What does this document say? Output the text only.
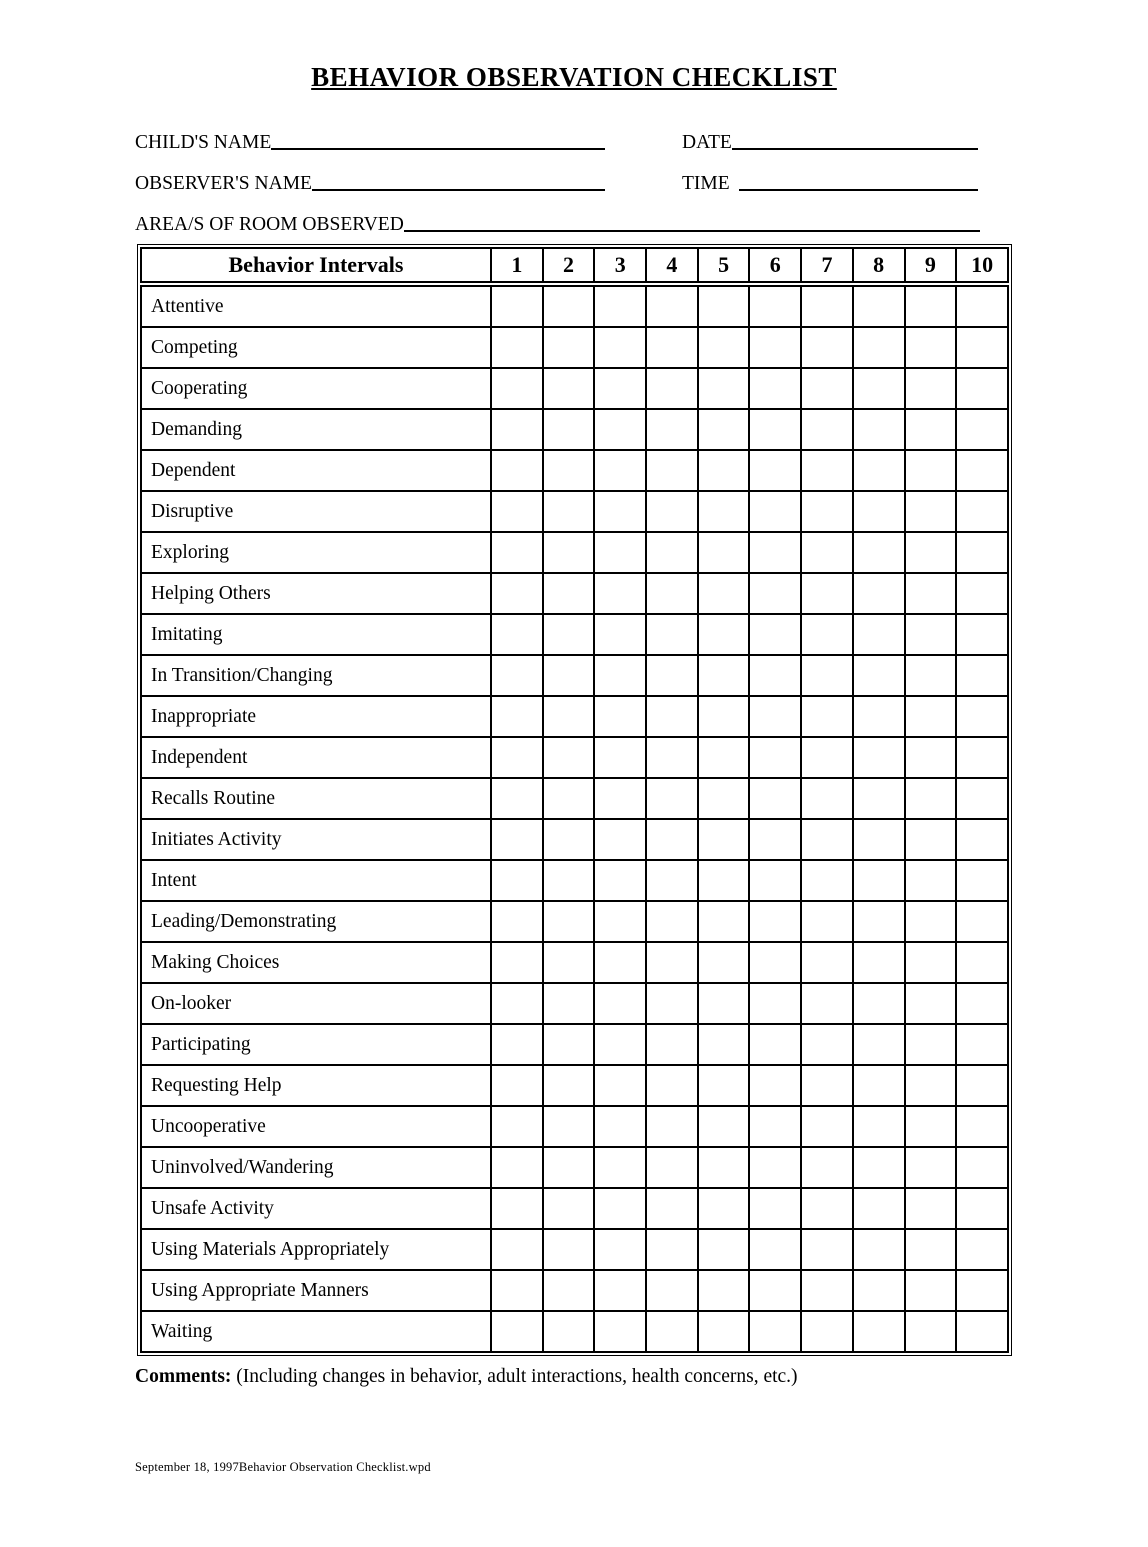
BEHAVIOR OBSERVATION CHECKLIST
CHILD'S NAME	DATE
OBSERVER'S NAME	TIME
AREA/S OF ROOM OBSERVED
Behavior Intervals	1	2	3	4	5	6	7	8	9	10
Attentive										
Competing										
Cooperating										
Demanding										
Dependent										
Disruptive										
Exploring										
Helping Others										
Imitating										
In Transition/Changing										
Inappropriate										
Independent										
Recalls Routine										
Initiates Activity										
Intent										
Leading/Demonstrating										
Making Choices										
On-looker										
Participating										
Requesting Help										
Uncooperative										
Uninvolved/Wandering										
Unsafe Activity										
Using Materials Appropriately										
Using Appropriate Manners										
Waiting										

Comments: (Including changes in behavior, adult interactions, health concerns, etc.)

September 18, 1997Behavior Observation Checklist.wpd
